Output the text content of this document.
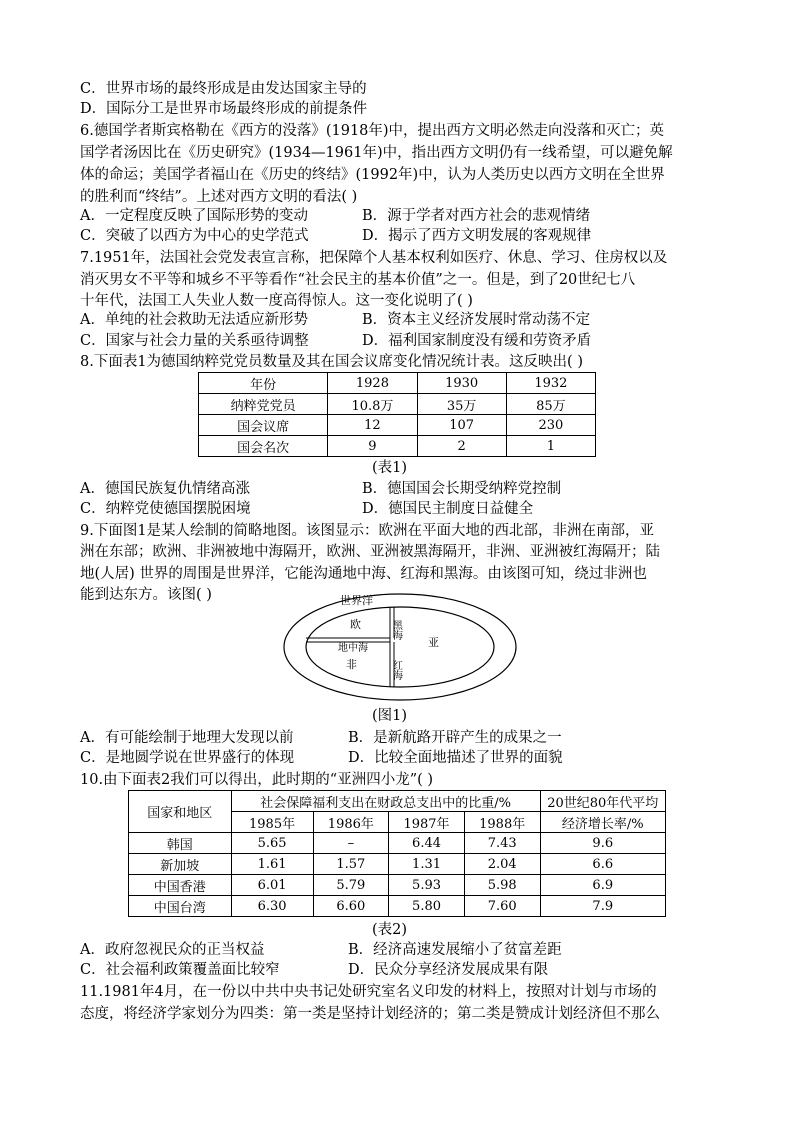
C．世界市场的最终形成是由发达国家主导的
D．国际分工是世界市场最终形成的前提条件
6.德国学者斯宾格勒在《西方的没落》(1918年)中，提出西方文明必然走向没落和灭亡；英
国学者汤因比在《历史研究》(1934—1961年)中，指出西方文明仍有一线希望，可以避免解
体的命运；美国学者福山在《历史的终结》(1992年)中，认为人类历史以西方文明在全世界
的胜利而“终结”。上述对西方文明的看法( )
A．一定程度反映了国际形势的变动	B．源于学者对西方社会的悲观情绪
C．突破了以西方为中心的史学范式	D．揭示了西方文明发展的客观规律
7.1951年，法国社会党发表宣言称，把保障个人基本权利如医疗、休息、学习、住房权以及
消灭男女不平等和城乡不平等看作“社会民主的基本价值”之一。但是，到了20世纪七八
十年代，法国工人失业人数一度高得惊人。这一变化说明了( )
A．单纯的社会救助无法适应新形势	B．资本主义经济发展时常动荡不定
C．国家与社会力量的关系亟待调整	D．福利国家制度没有缓和劳资矛盾
8.下面表1为德国纳粹党党员数量及其在国会议席变化情况统计表。这反映出( )
年份	1928	1930	1932
纳粹党党员	10.8万	35万	85万
国会议席	12	107	230
国会名次	9	2	1
(表1)
A．德国民族复仇情绪高涨	B．德国国会长期受纳粹党控制
C．纳粹党使德国摆脱困境	D．德国民主制度日益健全
9.下面图1是某人绘制的简略地图。该图显示：欧洲在平面大地的西北部，非洲在南部，亚
洲在东部；欧洲、非洲被地中海隔开，欧洲、亚洲被黑海隔开，非洲、亚洲被红海隔开；陆
地(人居) 世界的周围是世界洋，它能沟通地中海、红海和黑海。由该图可知，绕过非洲也
能到达东方。该图( )	世界洋
欧
亚
非
地中海
黑海
红海
(图1)
A．有可能绘制于地理大发现以前	B．是新航路开辟产生的成果之一
C．是地圆学说在世界盛行的体现	D．比较全面地描述了世界的面貌
10.由下面表2我们可以得出，此时期的“亚洲四小龙”( )
国家和地区	社会保障福利支出在财政总支出中的比重/%				20世纪80年代平均
	1985年	1986年	1987年	1988年	经济增长率/%
韩国	5.65	–	6.44	7.43	9.6
新加坡	1.61	1.57	1.31	2.04	6.6
中国香港	6.01	5.79	5.93	5.98	6.9
中国台湾	6.30	6.60	5.80	7.60	7.9
(表2)
A．政府忽视民众的正当权益	B．经济高速发展缩小了贫富差距
C．社会福利政策覆盖面比较窄	D．民众分享经济发展成果有限
11.1981年4月，在一份以中共中央书记处研究室名义印发的材料上，按照对计划与市场的
态度，将经济学家划分为四类：第一类是坚持计划经济的；第二类是赞成计划经济但不那么
